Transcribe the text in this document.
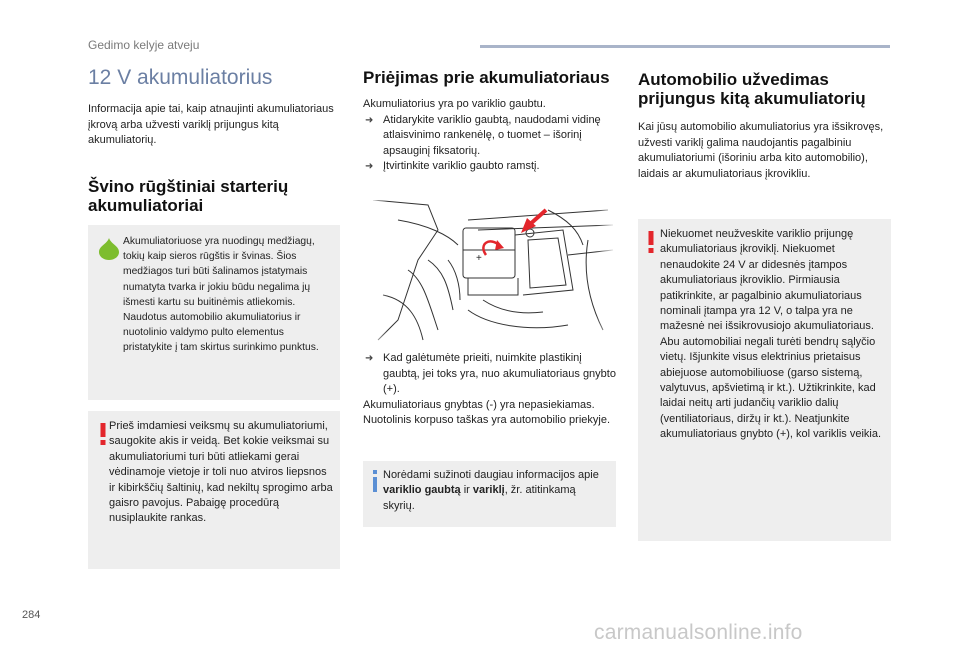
Gedimo kelyje atveju
12 V akumuliatorius

Informacija apie tai, kaip atnaujinti akumuliatoriaus įkrovą arba užvesti variklį prijungus kitą akumuliatorių.

Švino rūgštiniai starterių akumuliatoriai
Akumuliatoriuose yra nuodingų medžiagų, tokių kaip sieros rūgštis ir švinas. Šios medžiagos turi būti šalinamos įstatymais numatyta tvarka ir jokiu būdu negalima jų išmesti kartu su buitinėmis atliekomis. Naudotus automobilio akumuliatorius ir nuotolinio valdymo pulto elementus pristatykite į tam skirtus surinkimo punktus.
Prieš imdamiesi veiksmų su akumuliatoriumi, saugokite akis ir veidą. Bet kokie veiksmai su akumuliatoriumi turi būti atliekami gerai vėdinamoje vietoje ir toli nuo atviros liepsnos ir kibirkščių šaltinių, kad nekiltų sprogimo arba gaisro pavojus. Pabaigę procedūrą nusiplaukite rankas.
Priėjimas prie akumuliatoriaus

Akumuliatorius yra po variklio gaubtu.

➜ Atidarykite variklio gaubtą, naudodami vidinę atlaisvinimo rankenėlę, o tuomet – išorinį apsauginį fiksatorių.
➜ Įtvirtinkite variklio gaubto ramstį.
➜ Kad galėtumėte prieiti, nuimkite plastikinį gaubtą, jei toks yra, nuo akumuliatoriaus gnybto (+).

Akumuliatoriaus gnybtas (-) yra nepasiekiamas. Nuotolinis korpuso taškas yra automobilio priekyje.

Norėdami sužinoti daugiau informacijos apie variklio gaubtą ir variklį, žr. atitinkamą skyrių.
Automobilio užvedimas prijungus kitą akumuliatorių

Kai jūsų automobilio akumuliatorius yra išsikrovęs, užvesti variklį galima naudojantis pagalbiniu akumuliatoriumi (išoriniu arba kito automobilio), laidais ar akumuliatoriaus įkrovikliu.

Niekuomet neužveskite variklio prijungę akumuliatoriaus įkroviklį. Niekuomet nenaudokite 24 V ar didesnės įtampos akumuliatoriaus įkroviklio. Pirmiausia patikrinkite, ar pagalbinio akumuliatoriaus nominali įtampa yra 12 V, o talpa yra ne mažesnė nei išsikrovusiojo akumuliatoriaus. Abu automobiliai negali turėti bendrų sąlyčio vietų. Išjunkite visus elektrinius prietaisus abiejuose automobiliuose (garso sistemą, valytuvus, apšvietimą ir kt.). Užtikrinkite, kad laidai neitų arti judančių variklio dalių (ventiliatoriaus, diržų ir kt.). Neatjunkite akumuliatoriaus gnybto (+), kol variklis veikia.
284
carmanualsonline.info
